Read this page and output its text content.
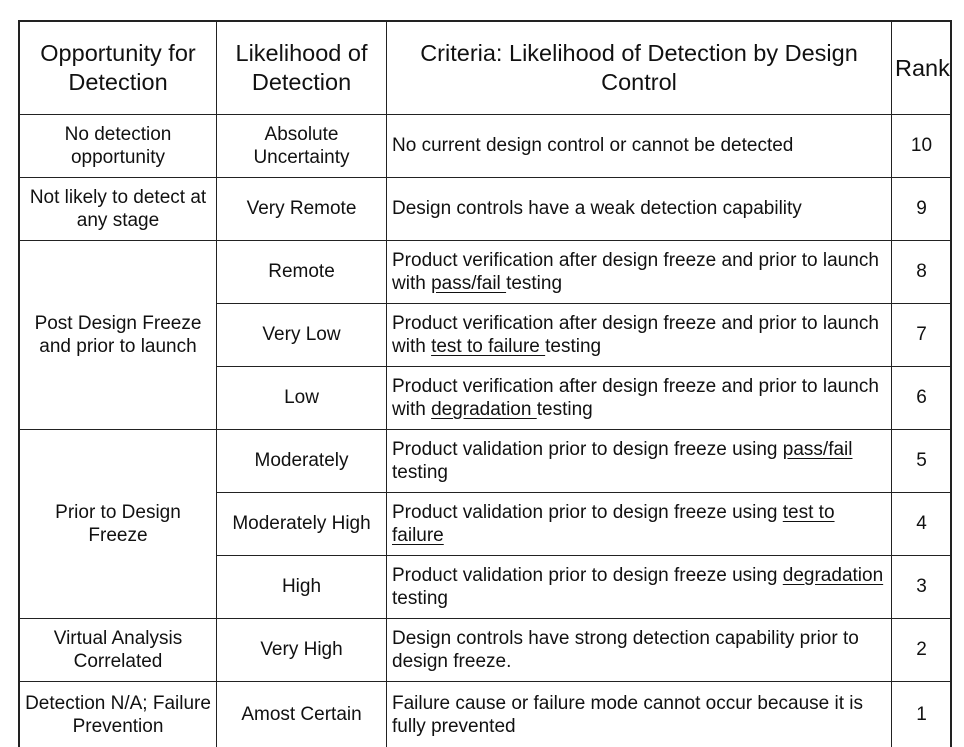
Opportunity for Detection	Likelihood of Detection	Criteria: Likelihood of Detection by Design Control	Rank
No detection opportunity	Absolute Uncertainty	No current design control or cannot be detected	10
Not likely to detect at any stage	Very Remote	Design controls have a weak detection capability	9
Post Design Freeze and prior to launch	Remote	Product verification after design freeze and prior to launch with pass/fail testing	8
	Very Low	Product verification after design freeze and prior to launch with test to failure testing	7
	Low	Product verification after design freeze and prior to launch with degradation testing	6
Prior to Design Freeze	Moderately	Product validation prior to design freeze using pass/fail testing	5
	Moderately High	Product validation prior to design freeze using test to failure	4
	High	Product validation prior to design freeze using degradation testing	3
Virtual Analysis Correlated	Very High	Design controls have strong detection capability prior to design freeze.	2
Detection N/A; Failure Prevention	Amost Certain	Failure cause or failure mode cannot occur because it is fully prevented	1
